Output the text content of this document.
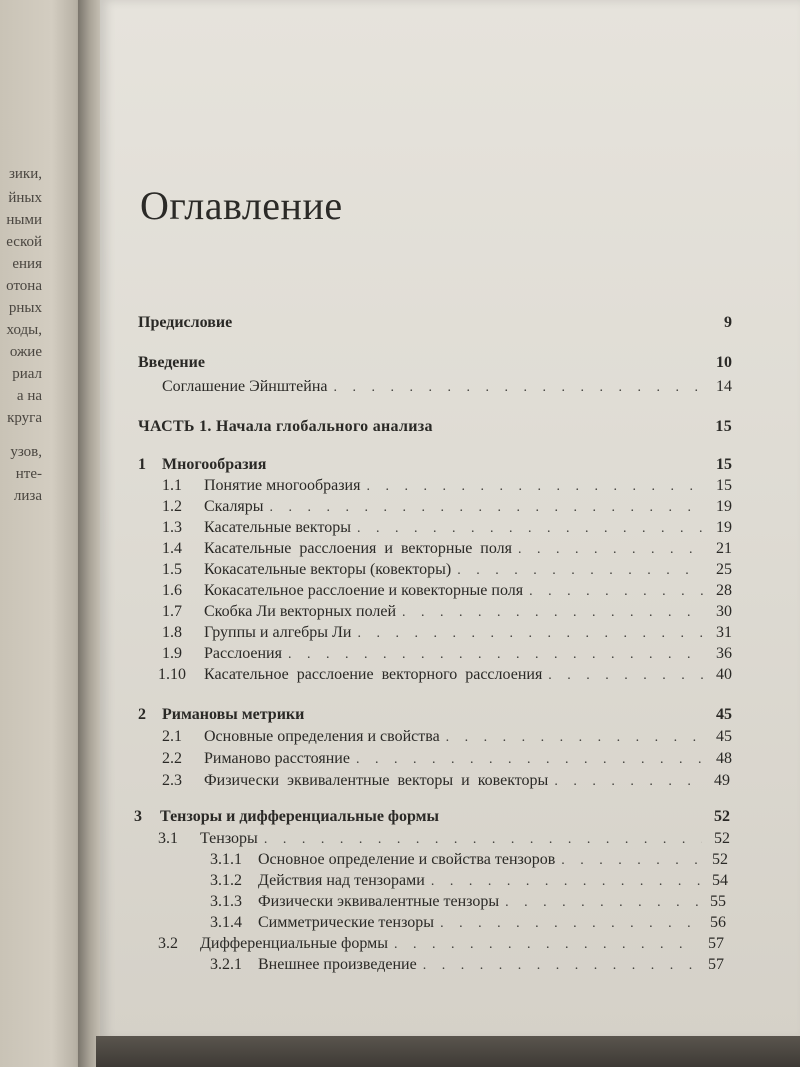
зики,
йных
ными
еской
ения
отона
рных
ходы,
ожие
риал
а на
круга
узов,
нте-
лиза
Оглавление
Предисловие	9
Введение	10
Соглашение Эйнштейна . . .	14
ЧАСТЬ 1. Начала глобального анализа	15
1	Многообразия	15
1.1	Понятие многообразия . . .	15
1.2	Скаляры . . .	19
1.3	Касательные векторы . . .	19
1.4	Касательные расслоения и векторные поля . . .	21
1.5	Кокасательные векторы (ковекторы) . . .	25
1.6	Кокасательное расслоение и ковекторные поля . . .	28
1.7	Скобка Ли векторных полей . . .	30
1.8	Группы и алгебры Ли . . .	31
1.9	Расслоения . . .	36
1.10	Касательное расслоение векторного расслоения . . .	40
2	Римановы метрики	45
2.1	Основные определения и свойства . . .	45
2.2	Риманово расстояние . . .	48
2.3	Физически эквивалентные векторы и ковекторы . . .	49
3	Тензоры и дифференциальные формы	52
3.1	Тензоры . . .	52
3.1.1	Основное определение и свойства тензоров . . .	52
3.1.2	Действия над тензорами . . .	54
3.1.3	Физически эквивалентные тензоры . . .	55
3.1.4	Симметрические тензоры . . .	56
3.2	Дифференциальные формы . . .	57
3.2.1	Внешнее произведение . . .	57
